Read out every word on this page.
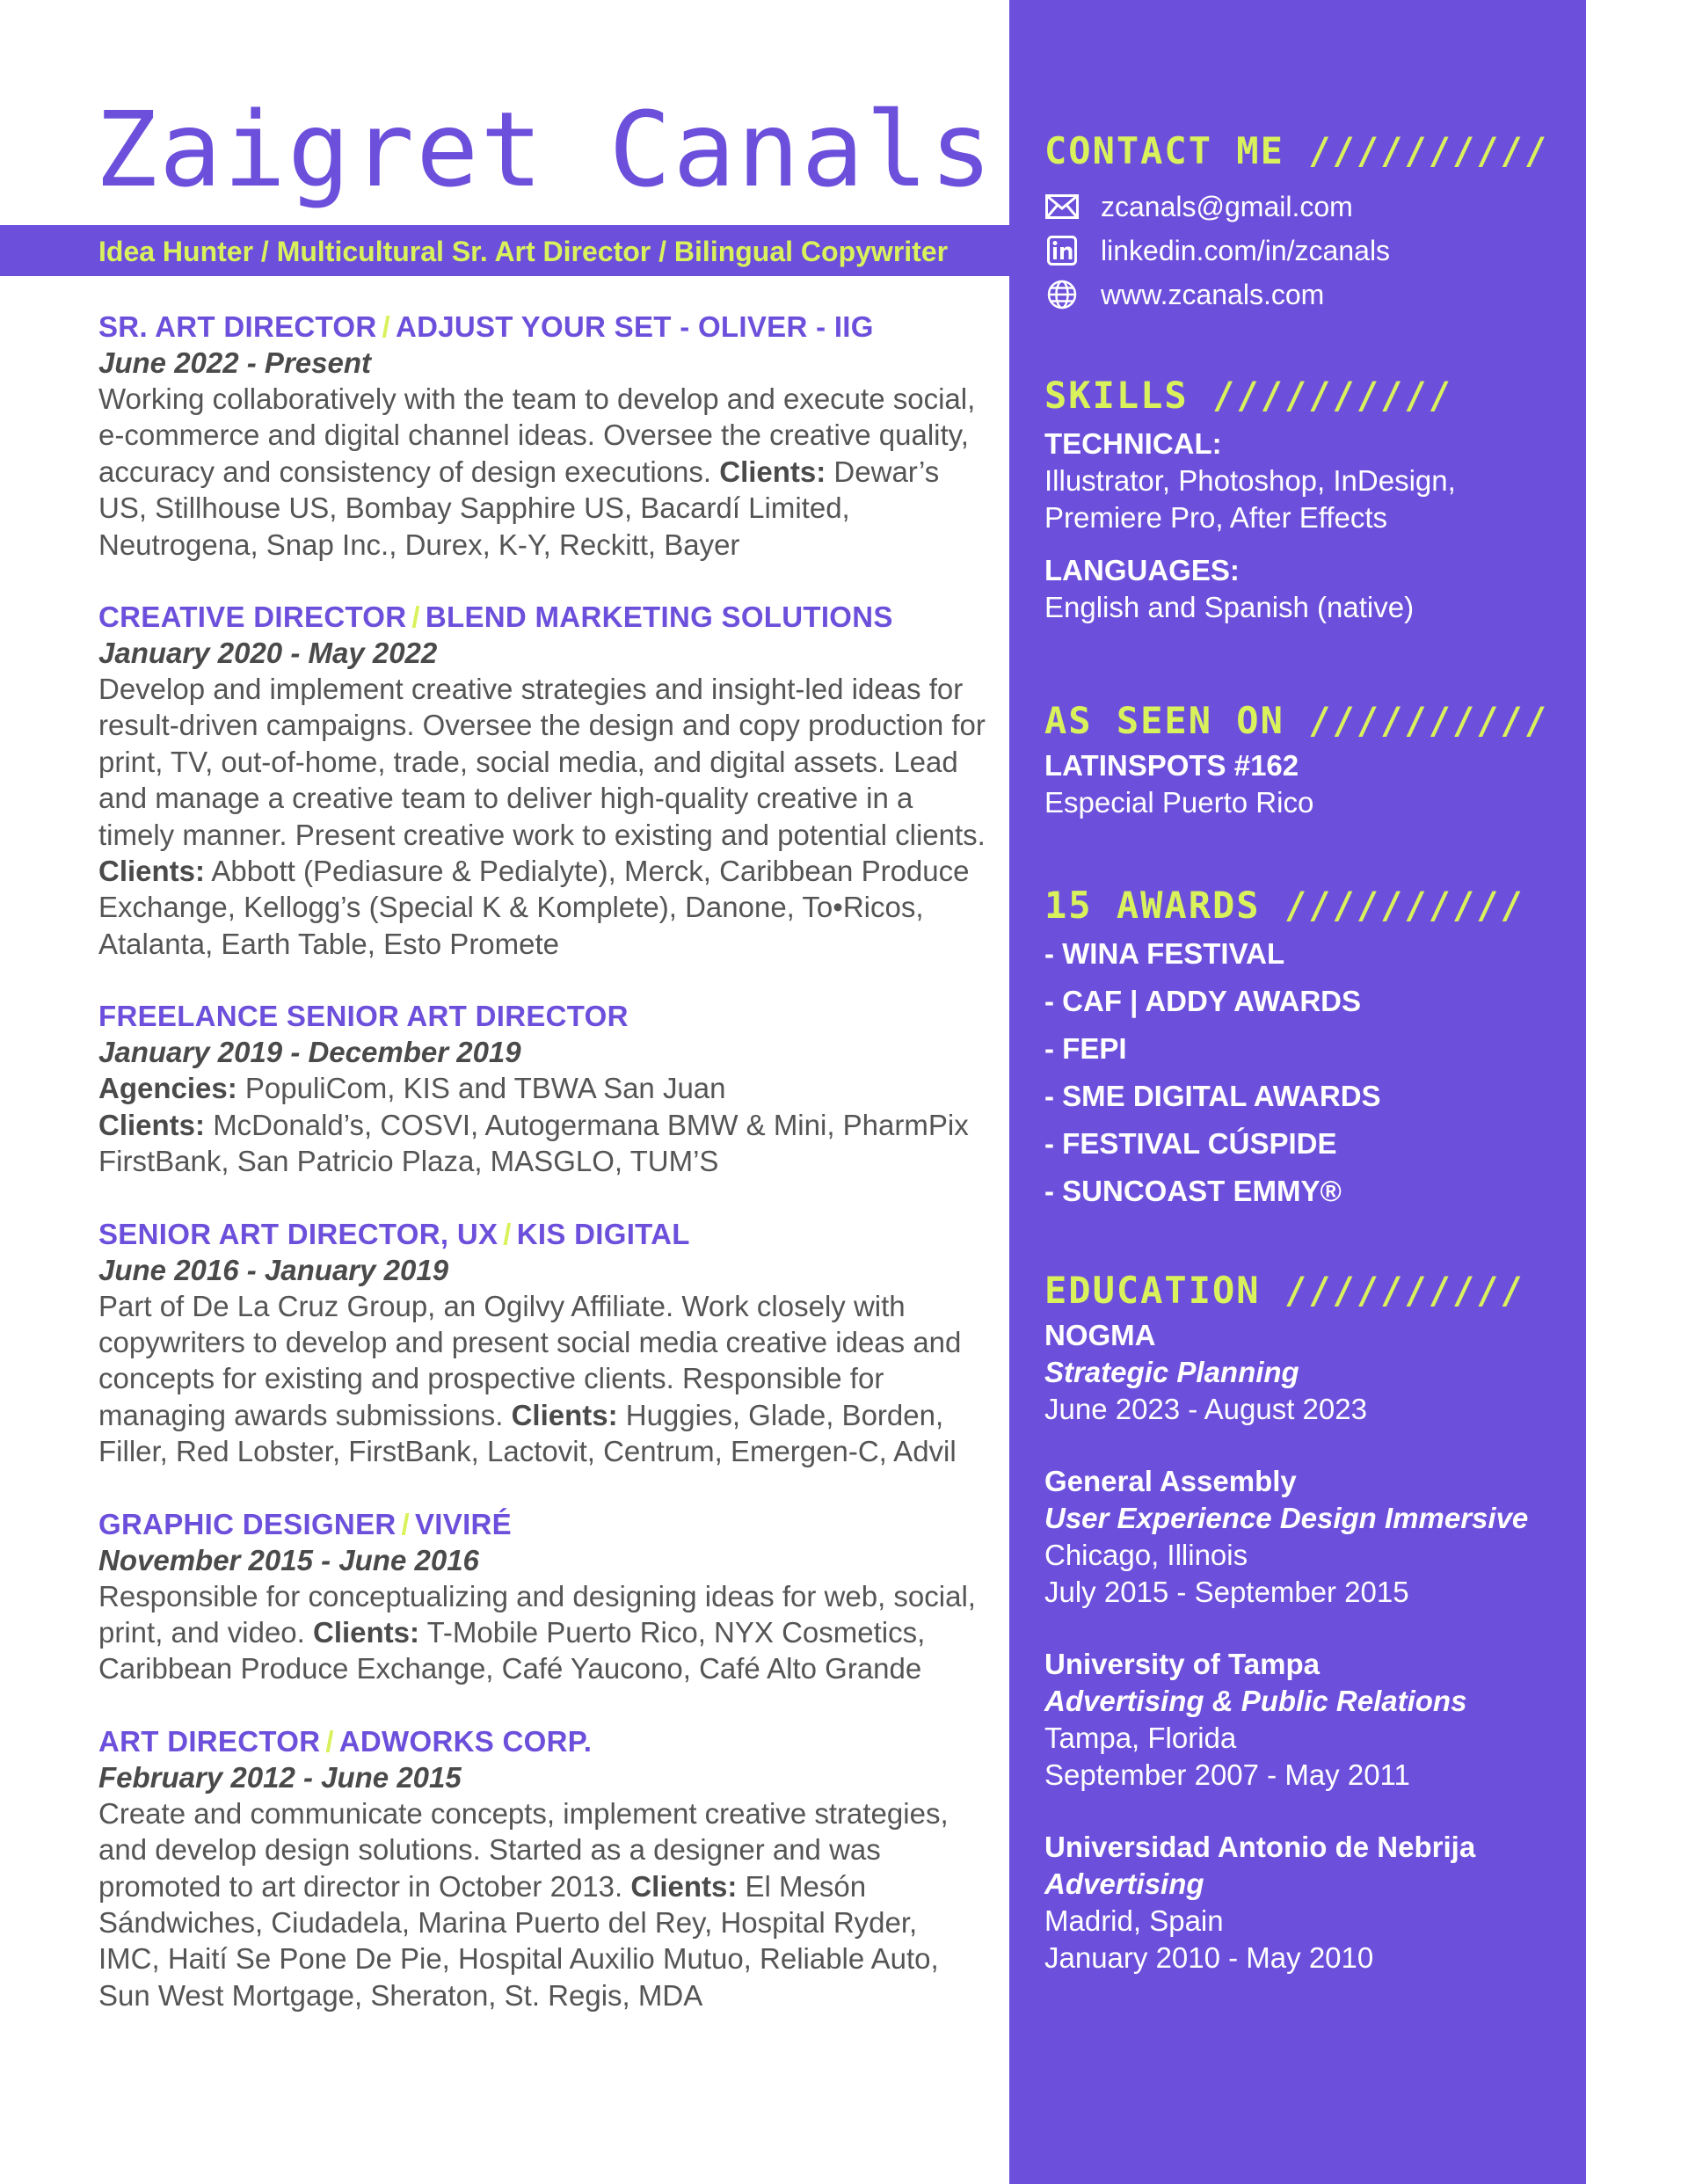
Zaigret Canals
Idea Hunter / Multicultural Sr. Art Director / Bilingual Copywriter
SR. ART DIRECTOR / ADJUST YOUR SET - OLIVER - IIG
June 2022 - Present
Working collaboratively with the team to develop and execute social, e-commerce and digital channel ideas. Oversee the creative quality, accuracy and consistency of design executions. Clients: Dewar’s US, Stillhouse US, Bombay Sapphire US, Bacardí Limited, Neutrogena, Snap Inc., Durex, K-Y, Reckitt, Bayer
CREATIVE DIRECTOR / BLEND MARKETING SOLUTIONS
January 2020 - May 2022
Develop and implement creative strategies and insight-led ideas for result-driven campaigns. Oversee the design and copy production for print, TV, out-of-home, trade, social media, and digital assets. Lead and manage a creative team to deliver high-quality creative in a timely manner. Present creative work to existing and potential clients. Clients: Abbott (Pediasure & Pedialyte), Merck, Caribbean Produce Exchange, Kellogg’s (Special K & Komplete), Danone, To•Ricos, Atalanta, Earth Table, Esto Promete
FREELANCE SENIOR ART DIRECTOR
January 2019 - December 2019
Agencies: PopuliCom, KIS and TBWA San Juan
Clients: McDonald’s, COSVI, Autogermana BMW & Mini, PharmPix FirstBank, San Patricio Plaza, MASGLO, TUM’S
SENIOR ART DIRECTOR, UX / KIS DIGITAL
June 2016 - January 2019
Part of De La Cruz Group, an Ogilvy Affiliate. Work closely with copywriters to develop and present social media creative ideas and concepts for existing and prospective clients. Responsible for managing awards submissions. Clients: Huggies, Glade, Borden, Filler, Red Lobster, FirstBank, Lactovit, Centrum, Emergen-C, Advil
GRAPHIC DESIGNER / VIVIRÉ
November 2015 - June 2016
Responsible for conceptualizing and designing ideas for web, social, print, and video. Clients: T-Mobile Puerto Rico, NYX Cosmetics, Caribbean Produce Exchange, Café Yaucono, Café Alto Grande
ART DIRECTOR / ADWORKS CORP.
February 2012 - June 2015
Create and communicate concepts, implement creative strategies, and develop design solutions. Started as a designer and was promoted to art director in October 2013. Clients: El Mesón Sándwiches, Ciudadela, Marina Puerto del Rey, Hospital Ryder, IMC, Haití Se Pone De Pie, Hospital Auxilio Mutuo, Reliable Auto, Sun West Mortgage, Sheraton, St. Regis, MDA
CONTACT ME //////////
zcanals@gmail.com
linkedin.com/in/zcanals
www.zcanals.com
SKILLS //////////
TECHNICAL:
Illustrator, Photoshop, InDesign, Premiere Pro, After Effects
LANGUAGES:
English and Spanish (native)
AS SEEN ON //////////
LATINSPOTS #162
Especial Puerto Rico
15 AWARDS //////////
- WINA FESTIVAL
- CAF | ADDY AWARDS
- FEPI
- SME DIGITAL AWARDS
- FESTIVAL CÚSPIDE
- SUNCOAST EMMY®
EDUCATION //////////
NOGMA
Strategic Planning
June 2023 - August 2023
General Assembly
User Experience Design Immersive
Chicago, Illinois
July 2015 - September 2015
University of Tampa
Advertising & Public Relations
Tampa, Florida
September 2007 - May 2011
Universidad Antonio de Nebrija
Advertising
Madrid, Spain
January 2010 - May 2010
